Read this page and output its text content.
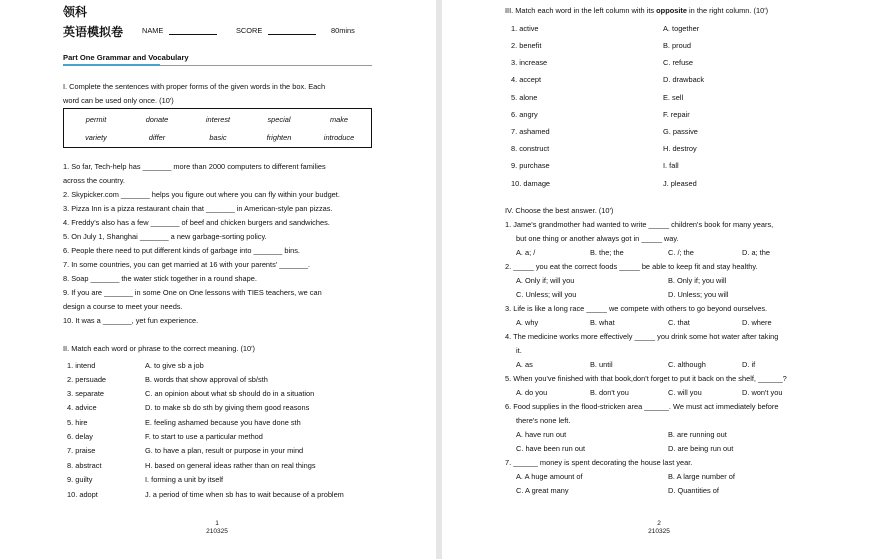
领科
英语模拟卷	NAME	SCORE	80mins
Part One Grammar and Vocabulary
I. Complete the sentences with proper forms of the given words in the box. Each
word can be used only once. (10')
permit	donate	interest	special	make
variety	differ	basic	frighten	introduce
1. So far, Tech-help has _______ more than 2000 computers to different families
across the country.
2. Skypicker.com _______ helps you figure out where you can fly within your budget.
3. Pizza Inn is a pizza restaurant chain that _______ in American-style pan pizzas.
4. Freddy's also has a few _______ of beef and chicken burgers and sandwiches.
5. On July 1, Shanghai _______ a new garbage-sorting policy.
6. People there need to put different kinds of garbage into _______ bins.
7. In some countries, you can get married at 16 with your parents' _______.
8. Soap _______ the water stick together in a round shape.
9. If you are _______ in some One on One lessons with TIES teachers, we can
design a course to meet your needs.
10. It was a _______, yet fun experience.
II. Match each word or phrase to the correct meaning. (10')
1. intend	A. to give sb a job
2. persuade	B. words that show approval of sb/sth
3. separate	C. an opinion about what sb should do in a situation
4. advice	D. to make sb do sth by giving them good reasons
5. hire	E. feeling ashamed because you have done sth
6. delay	F. to start to use a particular method
7. praise	G. to have a plan, result or purpose in your mind
8. abstract	H. based on general ideas rather than on real things
9. guilty	I. forming a unit by itself
10. adopt	J. a period of time when sb has to wait because of a problem
1
210325
III. Match each word in the left column with its opposite in the right column. (10')
1. active	A. together
2. benefit	B. proud
3. increase	C. refuse
4. accept	D. drawback
5. alone	E. sell
6. angry	F. repair
7. ashamed	G. passive
8. construct	H. destroy
9. purchase	I. fall
10. damage	J. pleased
IV. Choose the best answer. (10')
1. Jame's grandmother had wanted to write _____ children's book for many years,
but one thing or another always got in _____ way.
A. a; /	B. the; the	C. /; the	D. a; the
2. _____ you eat the correct foods _____ be able to keep fit and stay healthy.
A. Only if; will you	B. Only if; you will
C. Unless; will you	D. Unless; you will
3. Life is like a long race _____ we compete with others to go beyond ourselves.
A. why	B. what	C. that	D. where
4. The medicine works more effectively _____ you drink some hot water after taking
it.
A. as	B. until	C. although	D. if
5. When you've finished with that book,don't forget to put it back on the shelf, ______?
A. do you	B. don't you	C. will you	D. won't you
6. Food supplies in the flood-stricken area ______. We must act immediately before
there's none left.
A. have run out	B. are running out
C. have been run out	D. are being run out
7. ______ money is spent decorating the house last year.
A. A huge amount of	B. A large number of
C. A great many	D. Quantities of
2
210325
